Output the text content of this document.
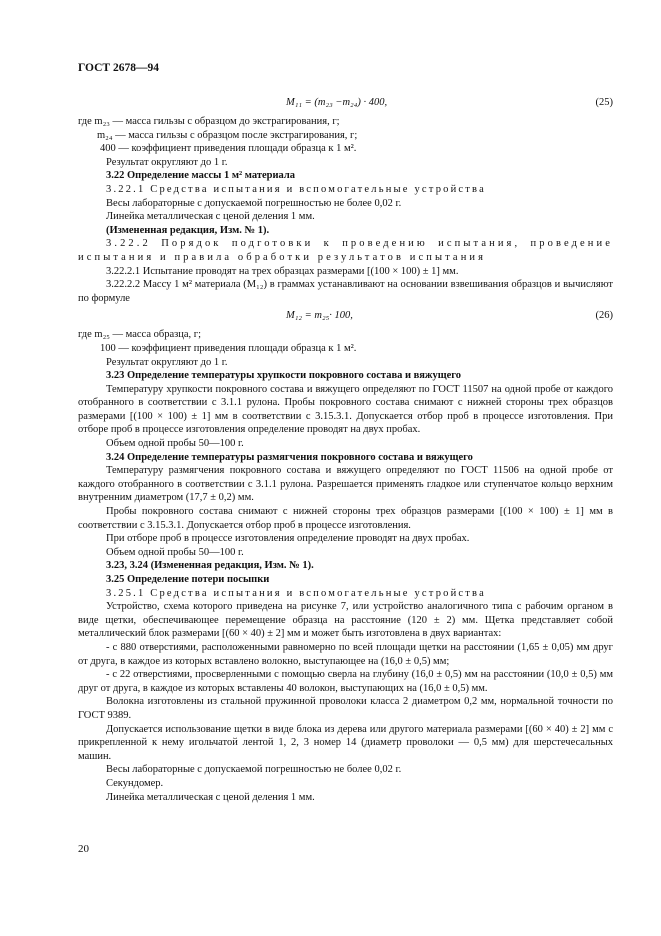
ГОСТ 2678—94
M₁₁ = (m₂₃ −m₂₄) · 400,	(25)

где m₂₃ — масса гильзы с образцом до экстрагирования, г;

m₂₄ — масса гильзы с образцом после экстрагирования, г;

400 — коэффициент приведения площади образца к 1 м².

Результат округляют до 1 г.

3.22 Определение массы 1 м² материала

3.22.1 Средства испытания и вспомогательные устройства

Весы лабораторные с допускаемой погрешностью не более 0,02 г.

Линейка металлическая с ценой деления 1 мм.

(Измененная редакция, Изм. № 1).

3.22.2 Порядок подготовки к проведению испытания, проведение испытания и правила обработки результатов испытания

3.22.2.1 Испытание проводят на трех образцах размерами [(100 × 100) ± 1] мм.

3.22.2.2 Массу 1 м² материала (M₁₂) в граммах устанавливают на основании взвешивания образцов и вычисляют по формуле

M₁₂ = m₂₅· 100,	(26)

где m₂₅ — масса образца, г;

100 — коэффициент приведения площади образца к 1 м².

Результат округляют до 1 г.

3.23 Определение температуры хрупкости покровного состава и вяжущего

Температуру хрупкости покровного состава и вяжущего определяют по ГОСТ 11507 на одной пробе от каждого отобранного в соответствии с 3.1.1 рулона. Пробы покровного состава снимают с нижней стороны трех образцов размерами [(100 × 100) ± 1] мм в соответствии с 3.15.3.1. Допускается отбор проб в процессе изготовления. При отборе проб в процессе изготовления определение проводят на двух пробах.

Объем одной пробы 50—100 г.

3.24 Определение температуры размягчения покровного состава и вяжущего

Температуру размягчения покровного состава и вяжущего определяют по ГОСТ 11506 на одной пробе от каждого отобранного в соответствии с 3.1.1 рулона. Разрешается применять гладкое или ступенчатое кольцо верхним внутренним диаметром (17,7 ± 0,2) мм.

Пробы покровного состава снимают с нижней стороны трех образцов размерами [(100 × 100) ± 1] мм в соответствии с 3.15.3.1. Допускается отбор проб в процессе изготовления.

При отборе проб в процессе изготовления определение проводят на двух пробах.

Объем одной пробы 50—100 г.

3.23, 3.24 (Измененная редакция, Изм. № 1).

3.25 Определение потери посыпки

3.25.1 Средства испытания и вспомогательные устройства

Устройство, схема которого приведена на рисунке 7, или устройство аналогичного типа с рабочим органом в виде щетки, обеспечивающее перемещение образца на расстояние (120 ± 2) мм. Щетка представляет собой металлический блок размерами [(60 × 40) ± 2] мм и может быть изготовлена в двух вариантах:

- с 880 отверстиями, расположенными равномерно по всей площади щетки на расстоянии (1,65 ± 0,05) мм друг от друга, в каждое из которых вставлено волокно, выступающее на (16,0 ± 0,5) мм;

- с 22 отверстиями, просверленными с помощью сверла на глубину (16,0 ± 0,5) мм на расстоянии (10,0 ± 0,5) мм друг от друга, в каждое из которых вставлены 40 волокон, выступающих на (16,0 ± 0,5) мм.

Волокна изготовлены из стальной пружинной проволоки класса 2 диаметром 0,2 мм, нормальной точности по ГОСТ 9389.

Допускается использование щетки в виде блока из дерева или другого материала размерами [(60 × 40) ± 2] мм с прикрепленной к нему игольчатой лентой 1, 2, 3 номер 14 (диаметр проволоки — 0,5 мм) для шерстечесальных машин.

Весы лабораторные с допускаемой погрешностью не более 0,02 г.

Секундомер.

Линейка металлическая с ценой деления 1 мм.

20
